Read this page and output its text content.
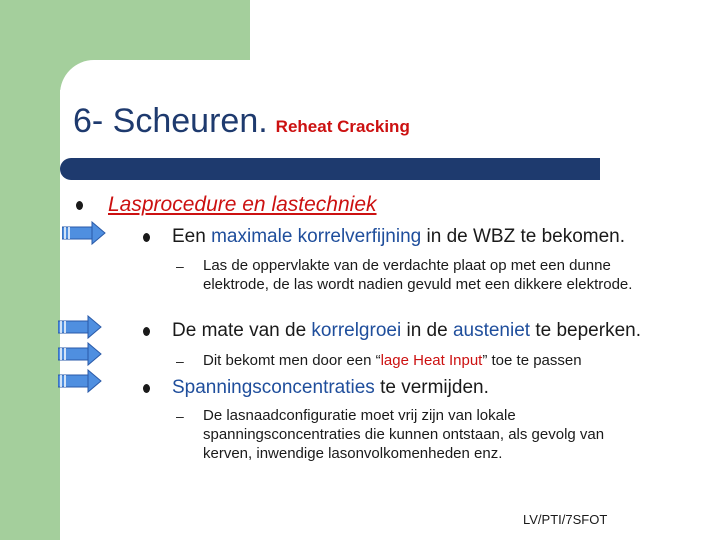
6- Scheuren. Reheat Cracking
Lasprocedure en lastechniek
Een maximale korrelverfijning in de WBZ te bekomen.
– Las de oppervlakte van de verdachte plaat op met een dunne elektrode, de las wordt nadien gevuld met een dikkere elektrode.
De mate van de korrelgroei in de austeniet te beperken.
– Dit bekomt men door een “lage Heat Input” toe te passen
Spanningsconcentraties te vermijden.
– De lasnaadconfiguratie moet vrij zijn van lokale spanningsconcentraties die kunnen ontstaan, als gevolg van kerven, inwendige lasonvolkomenheden enz.
LV/PTI/7SFOT
